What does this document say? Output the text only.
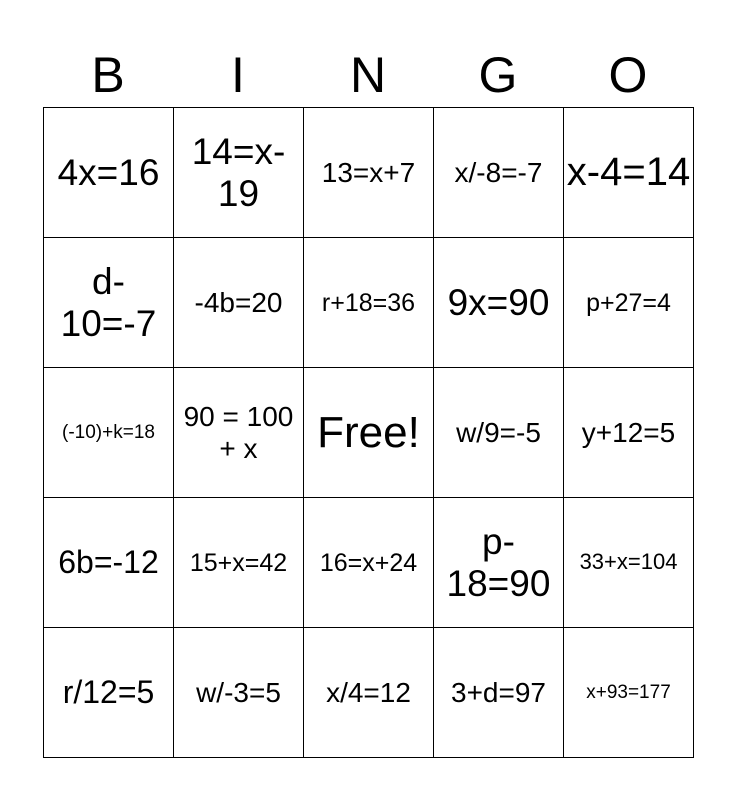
B	I	N	G	O
4x=16	14=x-19	13=x+7	x/-8=-7	x-4=14
d-10=-7	-4b=20	r+18=36	9x=90	p+27=4
(-10)+k=18	90 = 100 + x	Free!	w/9=-5	y+12=5
6b=-12	15+x=42	16=x+24	p-18=90	33+x=104
r/12=5	w/-3=5	x/4=12	3+d=97	x+93=177
